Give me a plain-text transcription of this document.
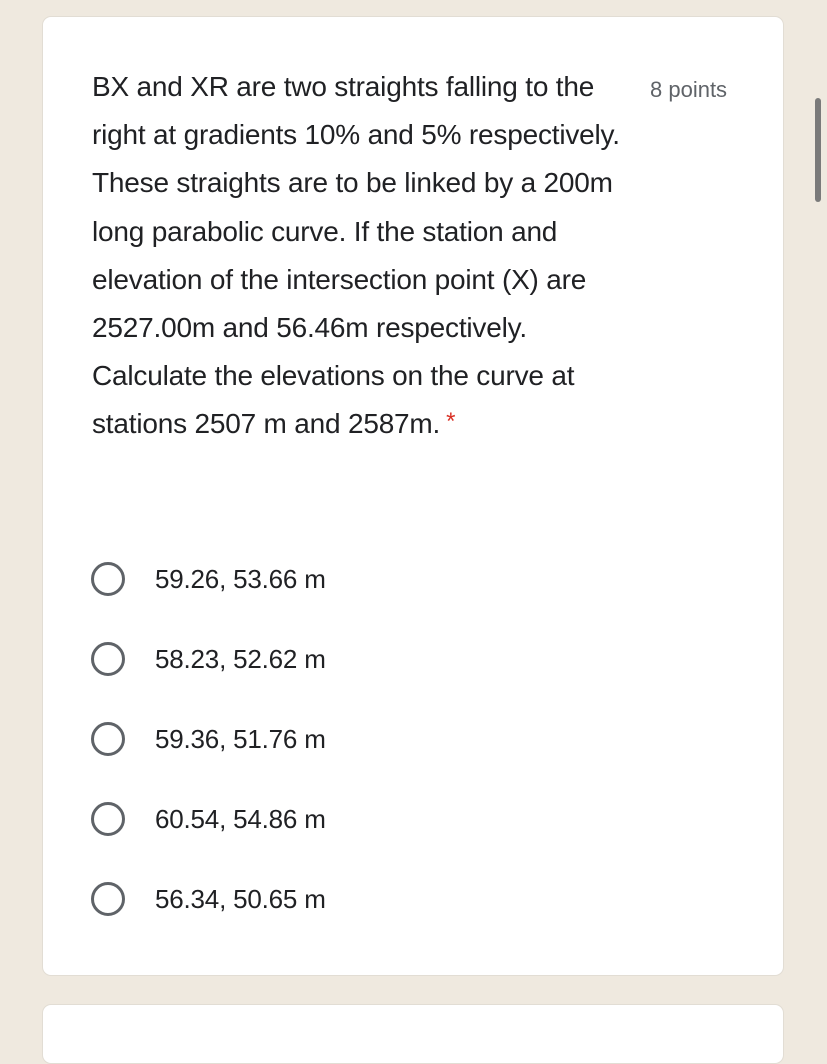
BX and XR are two straights falling to the right at gradients 10% and 5% respectively. These straights are to be linked by a 200m long parabolic curve. If the station and elevation of the intersection point (X) are 2527.00m and 56.46m respectively. Calculate the elevations on the curve at stations 2507 m and 2587m. *
8 points
59.26, 53.66 m
58.23, 52.62 m
59.36, 51.76 m
60.54, 54.86 m
56.34, 50.65 m
